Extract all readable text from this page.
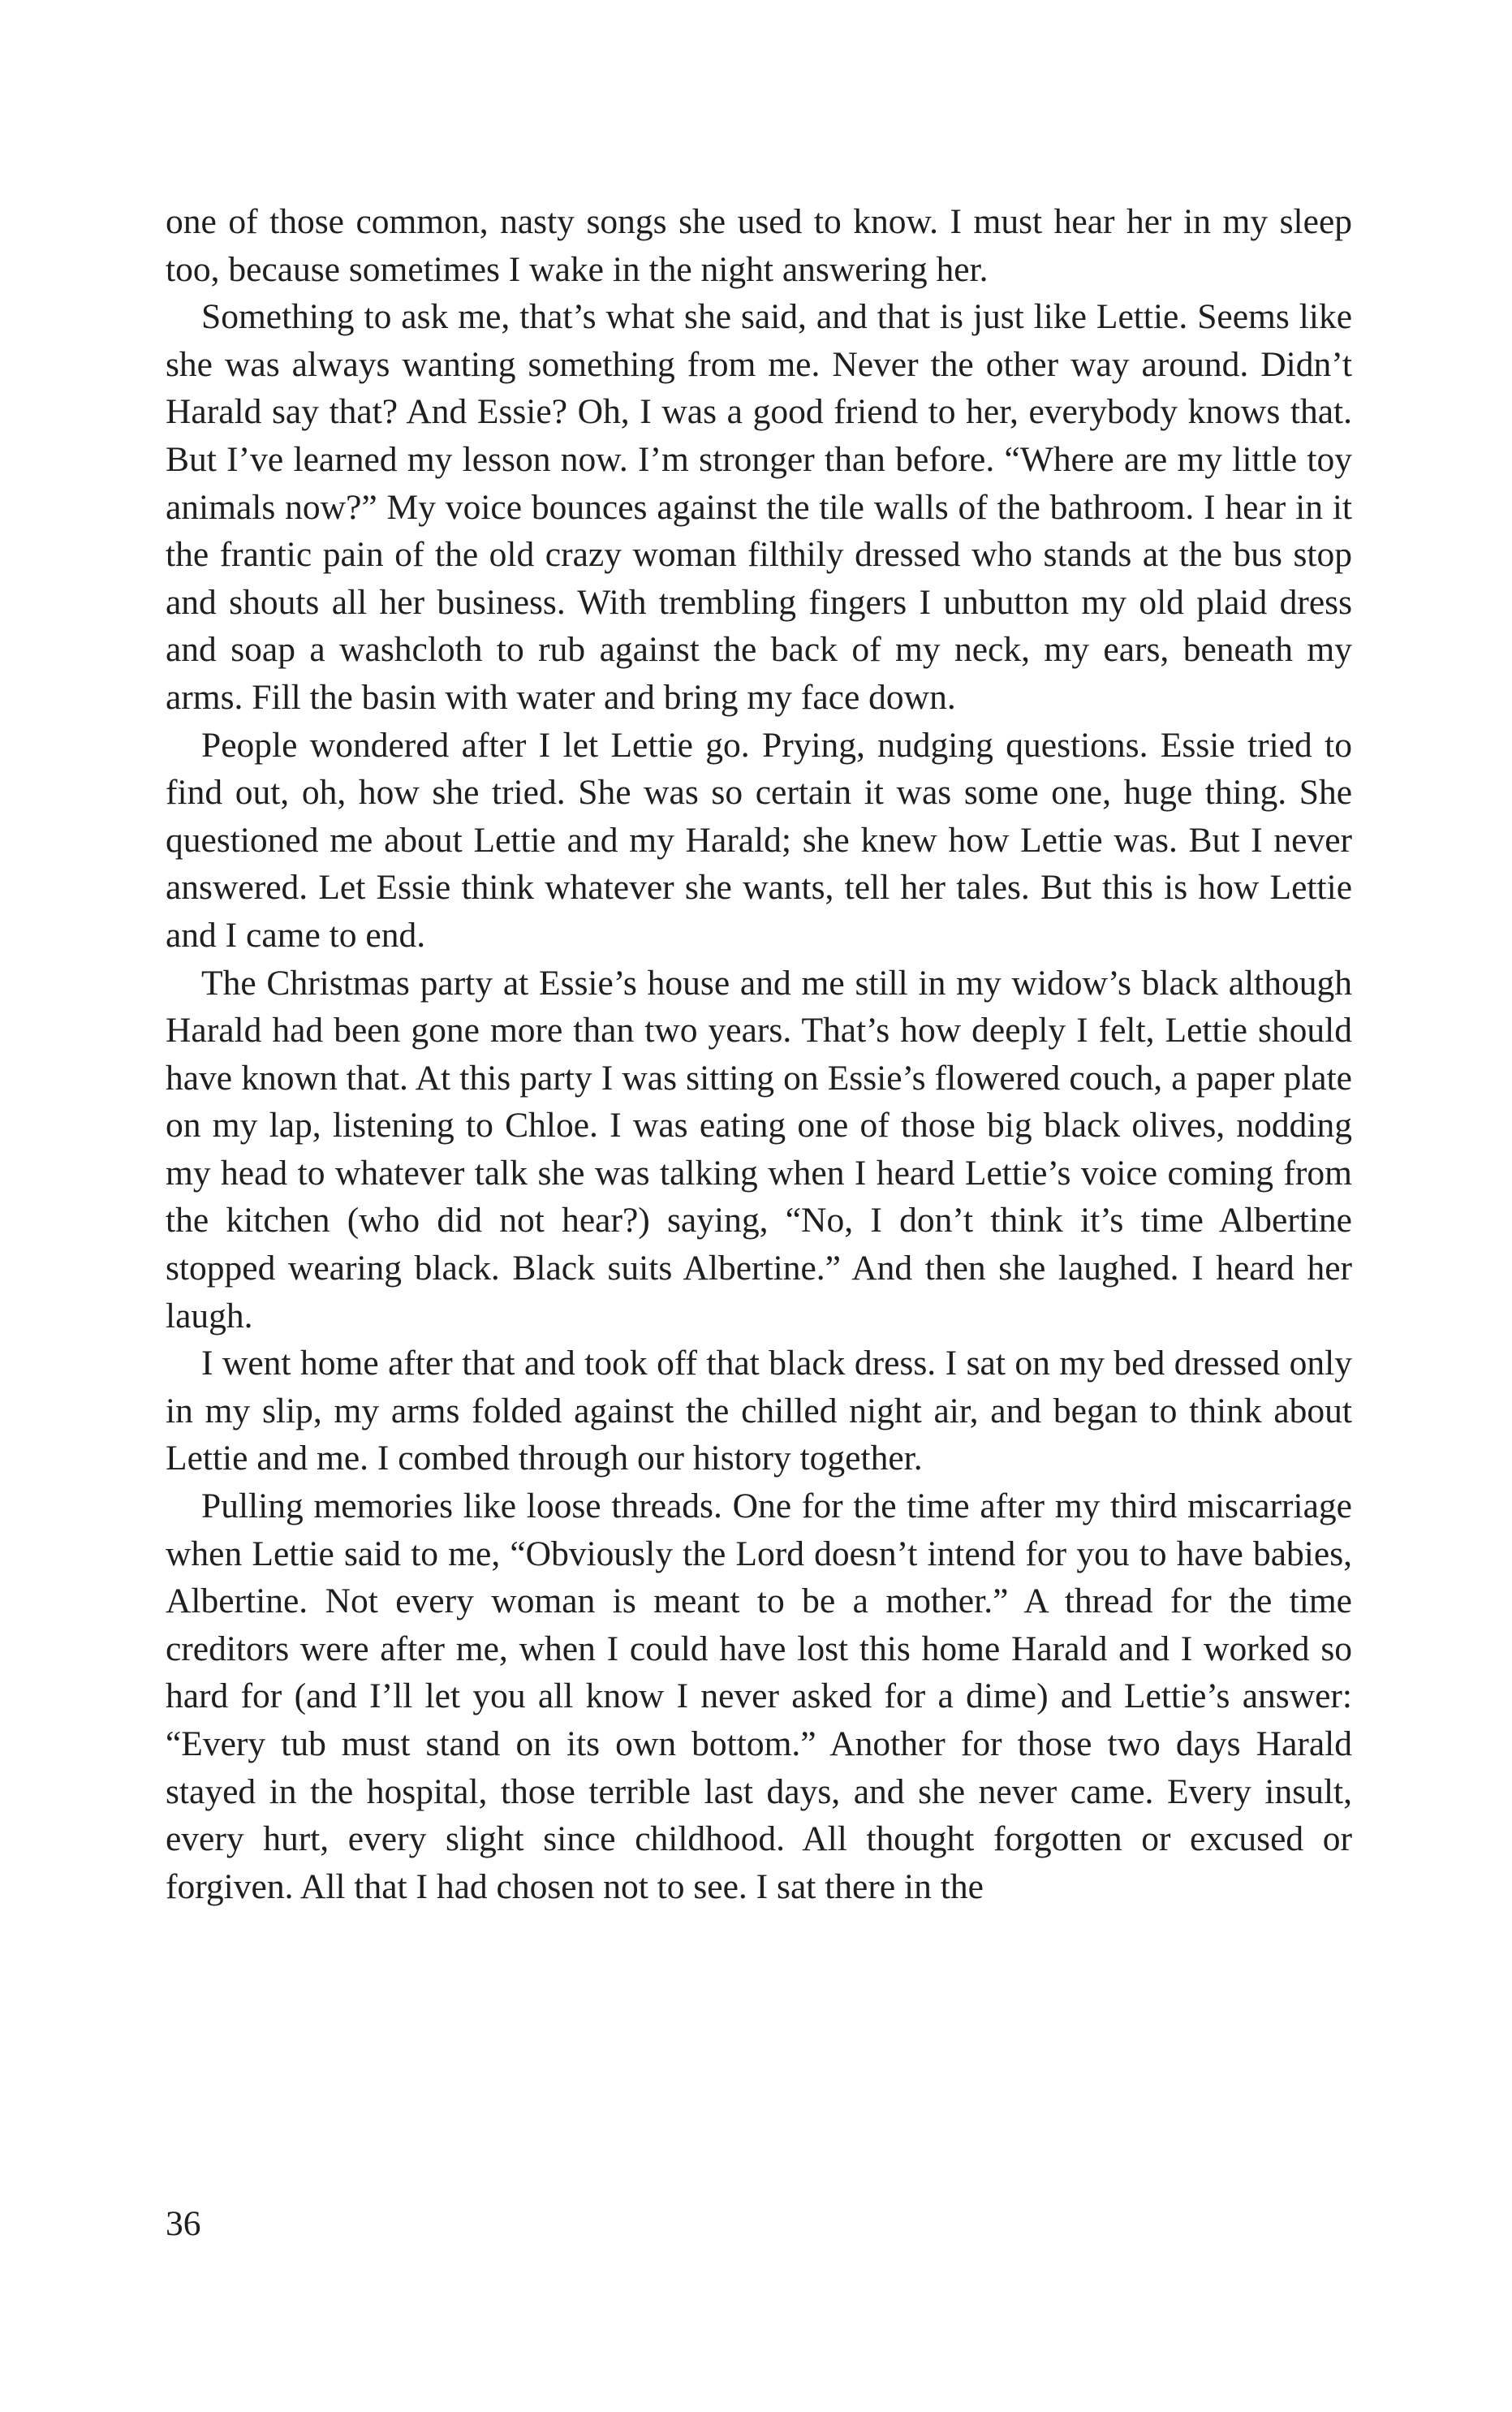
one of those common, nasty songs she used to know. I must hear her in my sleep too, because sometimes I wake in the night answering her.

Something to ask me, that’s what she said, and that is just like Lettie. Seems like she was always wanting something from me. Never the other way around. Didn’t Harald say that? And Essie? Oh, I was a good friend to her, everybody knows that. But I’ve learned my lesson now. I’m stronger than before. “Where are my little toy animals now?” My voice bounces against the tile walls of the bathroom. I hear in it the frantic pain of the old crazy woman filthily dressed who stands at the bus stop and shouts all her business. With trembling fingers I unbutton my old plaid dress and soap a washcloth to rub against the back of my neck, my ears, beneath my arms. Fill the basin with water and bring my face down.

People wondered after I let Lettie go. Prying, nudging questions. Essie tried to find out, oh, how she tried. She was so certain it was some one, huge thing. She questioned me about Lettie and my Harald; she knew how Lettie was. But I never answered. Let Essie think whatever she wants, tell her tales. But this is how Lettie and I came to end.

The Christmas party at Essie’s house and me still in my widow’s black although Harald had been gone more than two years. That’s how deeply I felt, Lettie should have known that. At this party I was sitting on Essie’s flowered couch, a paper plate on my lap, listening to Chloe. I was eating one of those big black olives, nodding my head to whatever talk she was talking when I heard Lettie’s voice coming from the kitchen (who did not hear?) saying, “No, I don’t think it’s time Albertine stopped wearing black. Black suits Albertine.” And then she laughed. I heard her laugh.

I went home after that and took off that black dress. I sat on my bed dressed only in my slip, my arms folded against the chilled night air, and began to think about Lettie and me. I combed through our history together.

Pulling memories like loose threads. One for the time after my third miscarriage when Lettie said to me, “Obviously the Lord doesn’t intend for you to have babies, Albertine. Not every woman is meant to be a mother.” A thread for the time creditors were after me, when I could have lost this home Harald and I worked so hard for (and I’ll let you all know I never asked for a dime) and Lettie’s answer: “Every tub must stand on its own bottom.” Another for those two days Harald stayed in the hospital, those terrible last days, and she never came. Every insult, every hurt, every slight since childhood. All thought forgotten or excused or forgiven. All that I had chosen not to see. I sat there in the

36
